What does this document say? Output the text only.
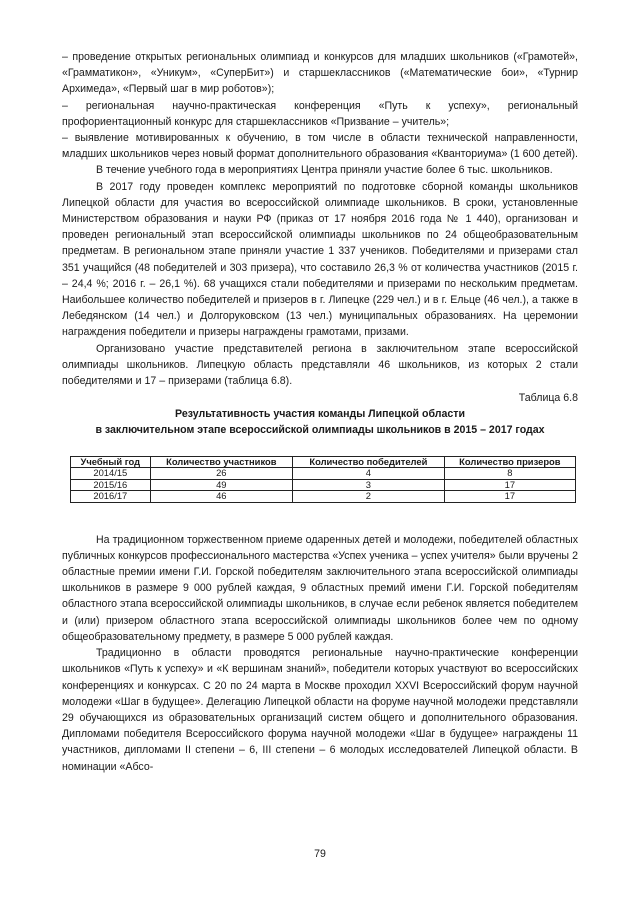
– проведение открытых региональных олимпиад и конкурсов для младших школьников («Грамотей», «Грамматикон», «Уникум», «СуперБит») и старшеклассников («Математические бои», «Турнир Архимеда», «Первый шаг в мир роботов»);

– региональная научно-практическая конференция «Путь к успеху», региональный профориентационный конкурс для старшеклассников «Призвание – учитель»;

– выявление мотивированных к обучению, в том числе в области технической направленности, младших школьников через новый формат дополнительного образования «Кванториума» (1 600 детей).

В течение учебного года в мероприятиях Центра приняли участие более 6 тыс. школьников.

В 2017 году проведен комплекс мероприятий по подготовке сборной команды школьников Липецкой области для участия во всероссийской олимпиаде школьников. В сроки, установленные Министерством образования и науки РФ (приказ от 17 ноября 2016 года № 1 440), организован и проведен региональный этап всероссийской олимпиады школьников по 24 общеобразовательным предметам. В региональном этапе приняли участие 1 337 учеников. Победителями и призерами стал 351 учащийся (48 победителей и 303 призера), что составило 26,3 % от количества участников (2015 г. – 24,4 %; 2016 г. – 26,1 %). 68 учащихся стали победителями и призерами по нескольким предметам. Наибольшее количество победителей и призеров в г. Липецке (229 чел.) и в г. Ельце (46 чел.), а также в Лебедянском (14 чел.) и Долгоруковском (13 чел.) муниципальных образованиях. На церемонии награждения победители и призеры награждены грамотами, призами.

Организовано участие представителей региона в заключительном этапе всероссийской олимпиады школьников. Липецкую область представляли 46 школьников, из которых 2 стали победителями и 17 – призерами (таблица 6.8).

Таблица 6.8
Результативность участия команды Липецкой области
в заключительном этапе всероссийской олимпиады школьников в 2015 – 2017 годах
Учебный год	Количество участников	Количество победителей	Количество призеров
2014/15	26	4	8
2015/16	49	3	17
2016/17	46	2	17

На традиционном торжественном приеме одаренных детей и молодежи, победителей областных публичных конкурсов профессионального мастерства «Успех ученика – успех учителя» были вручены 2 областные премии имени Г.И. Горской победителям заключительного этапа всероссийской олимпиады школьников в размере 9 000 рублей каждая, 9 областных премий имени Г.И. Горской победителям областного этапа всероссийской олимпиады школьников, в случае если ребенок является победителем и (или) призером областного этапа всероссийской олимпиады школьников более чем по одному общеобразовательному предмету, в размере 5 000 рублей каждая.

Традиционно в области проводятся региональные научно-практические конференции школьников «Путь к успеху» и «К вершинам знаний», победители которых участвуют во всероссийских конференциях и конкурсах. С 20 по 24 марта в Москве проходил XXVI Всероссийский форум научной молодежи «Шаг в будущее». Делегацию Липецкой области на форуме научной молодежи представляли 29 обучающихся из образовательных организаций систем общего и дополнительного образования. Дипломами победителя Всероссийского форума научной молодежи «Шаг в будущее» награждены 11 участников, дипломами II степени – 6, III степени – 6 молодых исследователей Липецкой области. В номинации «Абсо-

79
